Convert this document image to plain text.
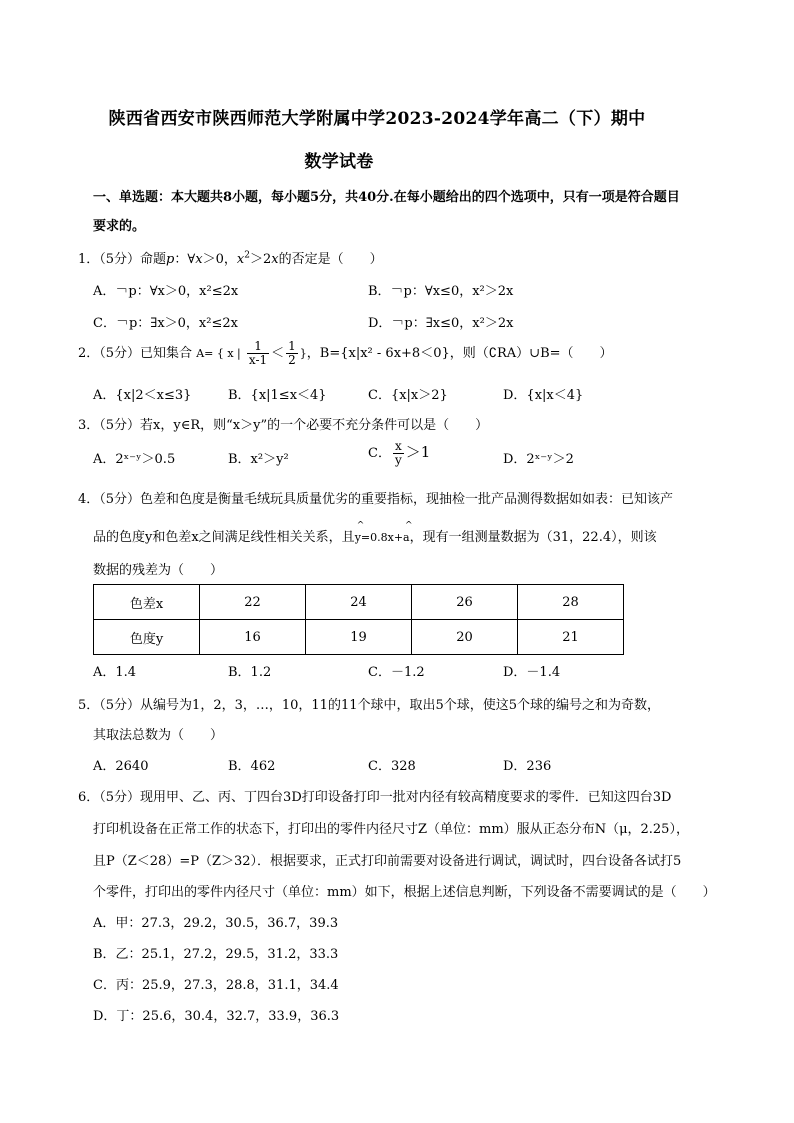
陕西省西安市陕西师范大学附属中学2023-2024学年高二（下）期中
数学试卷
一、单选题：本大题共8小题，每小题5分，共40分.在每小题给出的四个选项中，只有一项是符合题目
要求的。
1．（5分）命题p：∀x＞0，$x^2>2x$的否定是（　　）
A．￢p：∀x＞0，x²≤2x	B．￢p：∀x≤0，x²＞2x
C．￢p：∃x＞0，x²≤2x	D．￢p：∃x≤0，x²＞2x
2．（5分）已知集合 A= { x | $\frac{1}{x-1} < \frac{1}{2}$ }，B={x|x² - 6x+8＜0}，则（∁RA）∪B=（　　）
A．{x|2＜x≤3}	B．{x|1≤x＜4}	C．{x|x＞2}	D．{x|x＜4}
3．（5分）若x，y∈R，则“x＞y”的一个必要不充分条件可以是（　　）
A．2ˣ⁻ʸ＞0.5	B．x²＞y²	C． $\frac{x}{y} >1$	D．2ˣ⁻ʸ＞2
4．（5分）色差和色度是衡量毛绒玩具质量优劣的重要指标，现抽检一批产品测得数据如如表：已知该产
品的色度y和色差x之间满足线性相关关系，且^ y=0.8x+^ a，现有一组测量数据为（31，22.4），则该
数据的残差为（　　）
色差x	22	24	26	28
色度y	16	19	20	21
A．1.4	B．1.2	C．－1.2	D．－1.4
5．（5分）从编号为1，2，3，…，10，11的11个球中，取出5个球，使这5个球的编号之和为奇数，
其取法总数为（　　）
A．2640	B．462	C．328	D．236
6．（5分）现用甲、乙、丙、丁四台3D打印设备打印一批对内径有较高精度要求的零件．已知这四台3D
打印机设备在正常工作的状态下，打印出的零件内径尺寸Z（单位：mm）服从正态分布N（μ，2.25），
且P（Z＜28）=P（Z＞32）．根据要求，正式打印前需要对设备进行调试，调试时，四台设备各试打5
个零件，打印出的零件内径尺寸（单位：mm）如下，根据上述信息判断，下列设备不需要调试的是（　　）
A．甲：27.3，29.2，30.5，36.7，39.3
B．乙：25.1，27.2，29.5，31.2，33.3
C．丙：25.9，27.3，28.8，31.1，34.4
D．丁：25.6，30.4，32.7，33.9，36.3
